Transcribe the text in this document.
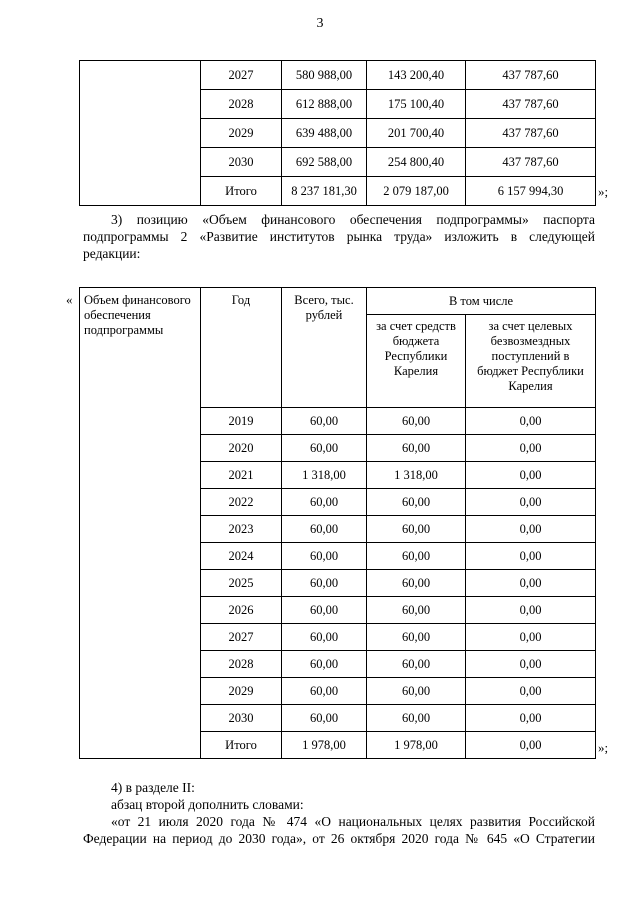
3
	2027	580 988,00	143 200,40	437 787,60
	2028	612 888,00	175 100,40	437 787,60
	2029	639 488,00	201 700,40	437 787,60
	2030	692 588,00	254 800,40	437 787,60
	Итого	8 237 181,30	2 079 187,00	6 157 994,30	»;
3) позицию «Объем финансового обеспечения подпрограммы» паспорта
подпрограммы 2 «Развитие институтов рынка труда» изложить в следующей
редакции:
« Объем финансового обеспечения подпрограммы	Год	Всего, тыс. рублей	В том числе	
			за счет средств бюджета Республики Карелия	за счет целевых безвозмездных поступлений в бюджет Республики Карелия
	2019	60,00	60,00	0,00
	2020	60,00	60,00	0,00
	2021	1 318,00	1 318,00	0,00
	2022	60,00	60,00	0,00
	2023	60,00	60,00	0,00
	2024	60,00	60,00	0,00
	2025	60,00	60,00	0,00
	2026	60,00	60,00	0,00
	2027	60,00	60,00	0,00
	2028	60,00	60,00	0,00
	2029	60,00	60,00	0,00
	2030	60,00	60,00	0,00
	Итого	1 978,00	1 978,00	0,00	»;
4) в разделе II:
абзац второй дополнить словами:
«от 21 июля 2020 года № 474 «О национальных целях развития Российской
Федерации на период до 2030 года», от 26 октября 2020 года № 645 «О Стратегии
